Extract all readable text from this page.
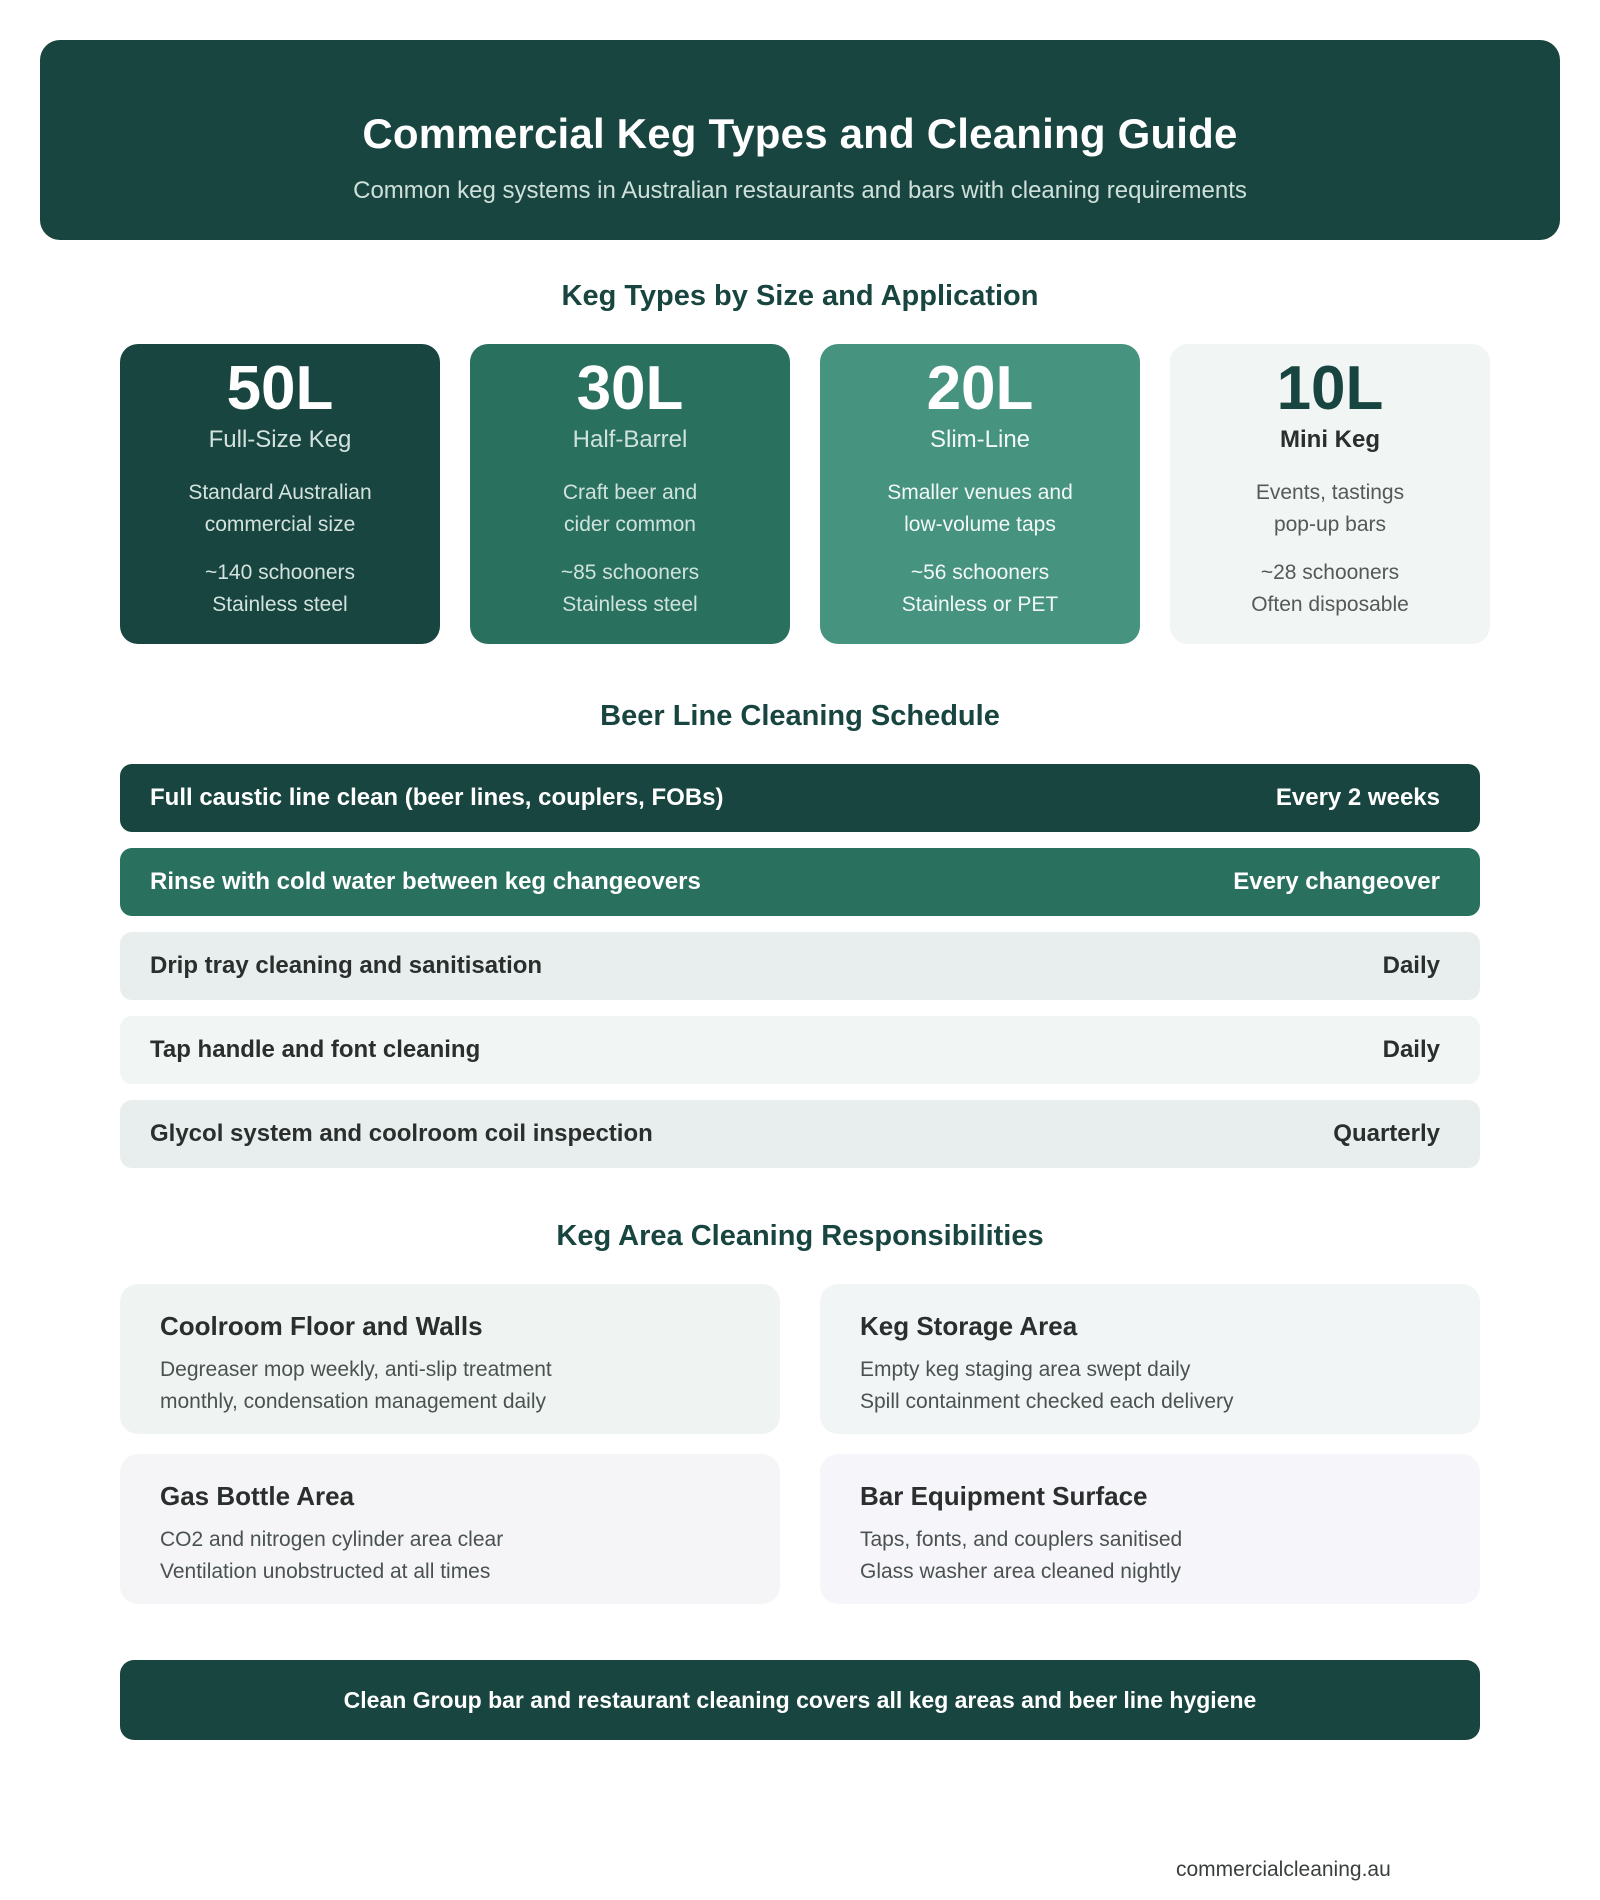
Commercial Keg Types and Cleaning Guide

Common keg systems in Australian restaurants and bars with cleaning requirements

Keg Types by Size and Application
50L
Full-Size Keg
Standard Australian
commercial size
~140 schooners
Stainless steel
30L
Half-Barrel
Craft beer and
cider common
~85 schooners
Stainless steel
20L
Slim-Line
Smaller venues and
low-volume taps
~56 schooners
Stainless or PET
10L
Mini Keg
Events, tastings
pop-up bars
~28 schooners
Often disposable
Beer Line Cleaning Schedule
Full caustic line clean (beer lines, couplers, FOBs)	Every 2 weeks
Rinse with cold water between keg changeovers	Every changeover
Drip tray cleaning and sanitisation	Daily
Tap handle and font cleaning	Daily
Glycol system and coolroom coil inspection	Quarterly
Keg Area Cleaning Responsibilities
Coolroom Floor and Walls
Degreaser mop weekly, anti-slip treatment
monthly, condensation management daily
Keg Storage Area
Empty keg staging area swept daily
Spill containment checked each delivery
Gas Bottle Area
CO2 and nitrogen cylinder area clear
Ventilation unobstructed at all times
Bar Equipment Surface
Taps, fonts, and couplers sanitised
Glass washer area cleaned nightly
Clean Group bar and restaurant cleaning covers all keg areas and beer line hygiene
commercialcleaning.au
